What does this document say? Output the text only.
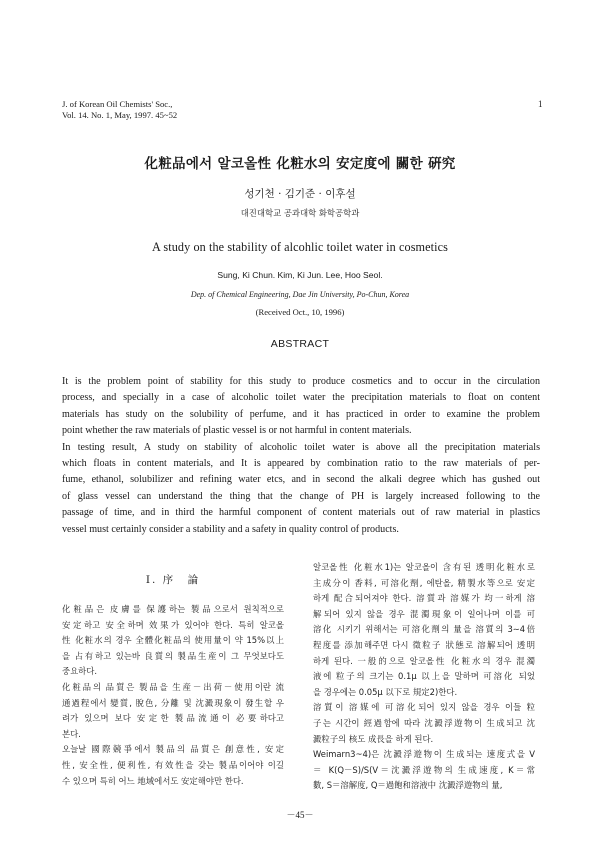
J. of Korean Oil Chemists' Soc.,
Vol. 14. No. 1, May, 1997. 45~52
1
化粧品에서 알코올性 化粧水의 安定度에 關한 硏究
성기천 · 김기준 · 이후설
대진대학교 공과대학 화학공학과
A study on the stability of alcohlic toilet water in cosmetics
Sung, Ki Chun. Kim, Ki Jun. Lee, Hoo Seol.
Dep. of Chemical Engineering, Dae Jin University, Po-Chun, Korea
(Received Oct., 10, 1996)
ABSTRACT
It is the problem point of stability for this study to produce cosmetics and to occur in the circulation
process, and specially in a case of alcoholic toilet water the precipitation materials to float on content
materials has study on the solubility of perfume, and it has practiced in order to examine the problem
point whether the raw materials of plastic vessel is or not harmful in content materials.
In testing result, A study on stability of alcoholic toilet water is above all the precipitation materials
which floats in content materials, and It is appeared by combination ratio to the raw materials of per-
fume, ethanol, solubilizer and refining water etcs, and in second the alkali degree which has gushed out
of glass vessel can understand the thing that the change of PH is largely increased following to the
passage of time, and in third the harmful component of content materials out of raw material in plastics
vessel must certainly consider a stability and a safety in quality control of products.
I. 序　論
化粧品은 皮膚를 保護하는 製品으로서 원칙적으로
安定하고 安全하며 效果가 있어야 한다. 특히 알코올
性 化粧水의 경우 全體化粧品의 使用量이 약 15%以上
을 占有하고 있는바 良質의 製品生産이 그 무엇보다도
중요하다.
化粧品의 品質은 製品을 生産－出荷－使用이란 流
通過程에서 變質, 脫色, 分離 및 沈澱現象이 發生할 우
려가 있으며 보다 安定한 製品流通이 必要하다고
본다.
오늘날 國際競爭에서 製品의 品質은 創意性, 安定
性, 安全性, 便利性, 有效性을 갖는 製品이어야 이길
수 있으며 특히 어느 地域에서도 安定해야만 한다.
알코올性 化粧水1)는 알코올이 含有된 透明化粧水로
主成分이 香料, 可溶化劑, 에탄올, 精製水等으로 安定
하게 配合되어져야 한다. 溶質과 溶媒가 均一하게 溶
解되어 있지 않을 경우 混濁現象이 일어나며 이를 可
溶化 시키기 위해서는 可溶化劑의 量을 溶質의 3∼4倍
程度를 添加해주면 다시 徵粒子 狀態로 溶解되어 透明
하게 된다. 一般的으로 알코올性 化粧水의 경우 混濁
液에 粒子의 크기는 0.1μ 以上을 말하며 可溶化 되었
을 경우에는 0.05μ 以下로 規定2)한다.
溶質이 溶媒에 可溶化되어 있지 않을 경우 이들 粒
子는 시간이 經過함에 따라 沈澱浮遊物이 生成되고 沈
澱粒子의 核도 成長을 하게 된다.
Weimarn3~4)은 沈澱浮遊物이 生成되는 速度式을 V
＝ K(Q－S)/S(V＝沈澱浮遊物의 生成速度, K＝常
數, S＝溶解度, Q＝過飽和溶液中 沈澱浮遊物의 量,
－45－
